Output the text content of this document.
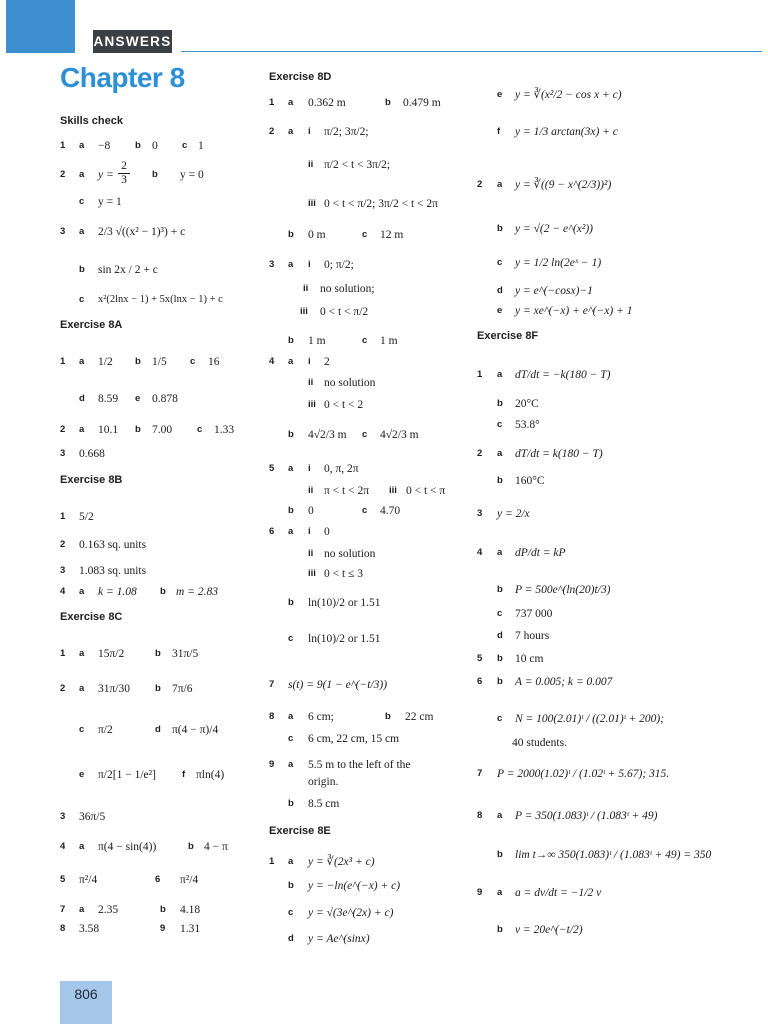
ANSWERS
Chapter 8
Skills check
1 a −8	b 0	c 1
2 a y =
2
3	b y = 0
c y = 1
3 a 2/3 √((x² − 1)³) + c
b sin 2x / 2 + c
c x²(2lnx − 1) + 5x(lnx − 1) + c
Exercise 8A
1 a 1/2 b 1/5 c 16
d 8.59 e 0.878
2 a 10.1 b 7.00	c 1.33
3 0.668
Exercise 8B
1 5/2
2 0.163 sq. units
3 1.083 sq. units
4 a k = 1.08 b m = 2.83
Exercise 8C
1 a 15π/2	b 31π/5
2 a 31π/30	b 7π/6
c π/2	d π(4 − π)/4
e π/2[1 − 1/e²]	f πln(4)
3 36π/5
4 a π(4 − sin(4))	b 4 − π
5 π²/4	6 π²/4
7 a 2.35	b 4.18
8 3.58	9 1.31
Exercise 8D
1 a 0.362 m	b 0.479 m
2 a i π/2; 3π/2;
ii π/2 < t < 3π/2;
iii 0 < t < π/2; 3π/2 < t < 2π
b 0 m	c 12 m
3 a i 0; π/2;
ii no solution;
iii 0 < t < π/2
b 1 m	c 1 m
4 a i 2
ii no solution
iii 0 < t < 2
b 4√2/3 m c 4√2/3 m
5 a i 0, π, 2π
ii π < t < 2π iii 0 < t < π
b 0	c 4.70
6 a i 0
ii no solution
iii 0 < t ≤ 3
b ln(10)/2 or 1.51
c ln(10)/2 or 1.51
7 s(t) = 9(1 − e^(−t/3))
8 a 6 cm;	b 22 cm
c 6 cm, 22 cm, 15 cm
9 a 5.5 m to the left of the
origin.
b 8.5 cm
Exercise 8E
1 a y = ∛(2x³ + c)
b y = −ln(e^(−x) + c)
c y = √(3e^(2x) + c)
d y = Ae^(sinx)
e y = ∛(x²/2 − cos x + c)
f y = 1/3 arctan(3x) + c
2 a y = ∛((9 − x^(2/3))²)
b y = √(2 − e^(x²))
c y = 1/2 ln(2eˣ − 1)
d y = e^(−cosx)−1
e y = xe^(−x) + e^(−x) + 1
Exercise 8F
1 a dT/dt = −k(180 − T)
b 20°C
c 53.8°
2 a dT/dt = k(180 − T)
b 160°C
3 y = 2/x
4 a dP/dt = kP
b P = 500e^(ln(20)t/3)
c 737 000
d 7 hours
5 b 10 cm
6 b A = 0.005; k = 0.007
c N = 100(2.01)ᵗ / ((2.01)ᵗ + 200);
40 students.
7 P = 2000(1.02)ᵗ / (1.02ᵗ + 5.67); 315.
8 a P = 350(1.083)ᵗ / (1.083ᵗ + 49)
b lim t→∞ 350(1.083)ᵗ / (1.083ᵗ + 49) = 350
9 a a = dv/dt = −1/2 v
b v = 20e^(−t/2)
806
